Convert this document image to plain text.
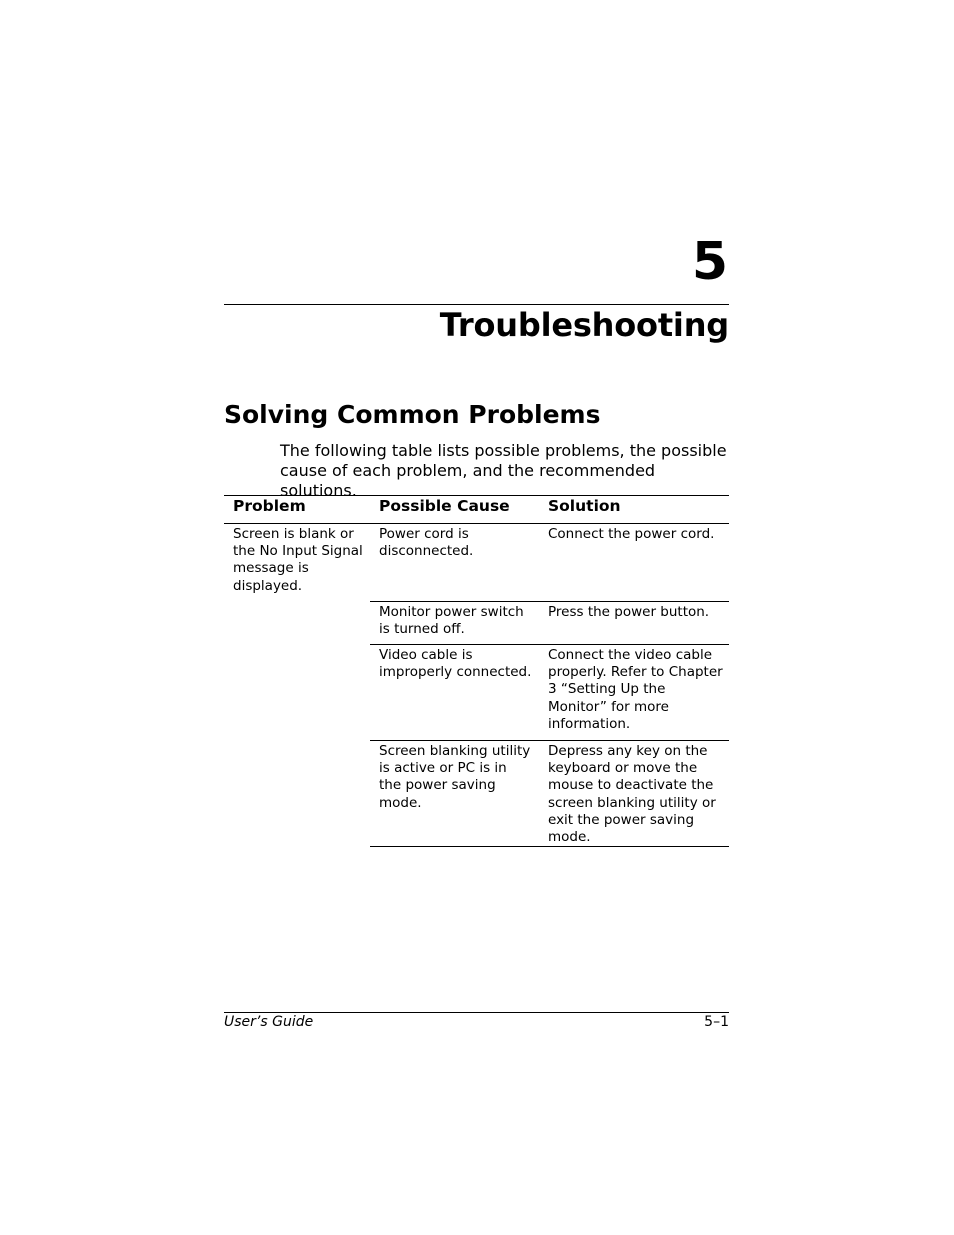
5
Troubleshooting
Solving Common Problems

The following table lists possible problems, the possible cause of each problem, and the recommended solutions.

Problem	Possible Cause	Solution
Screen is blank or the No Input Signal message is displayed.	Power cord is disconnected.	Connect the power cord.
	Monitor power switch is turned off.	Press the power button.
	Video cable is improperly connected.	Connect the video cable properly. Refer to Chapter 3 “Setting Up the Monitor” for more information.
	Screen blanking utility is active or PC is in the power saving mode.	Depress any key on the keyboard or move the mouse to deactivate the screen blanking utility or exit the power saving mode.

User’s Guide	5–1
